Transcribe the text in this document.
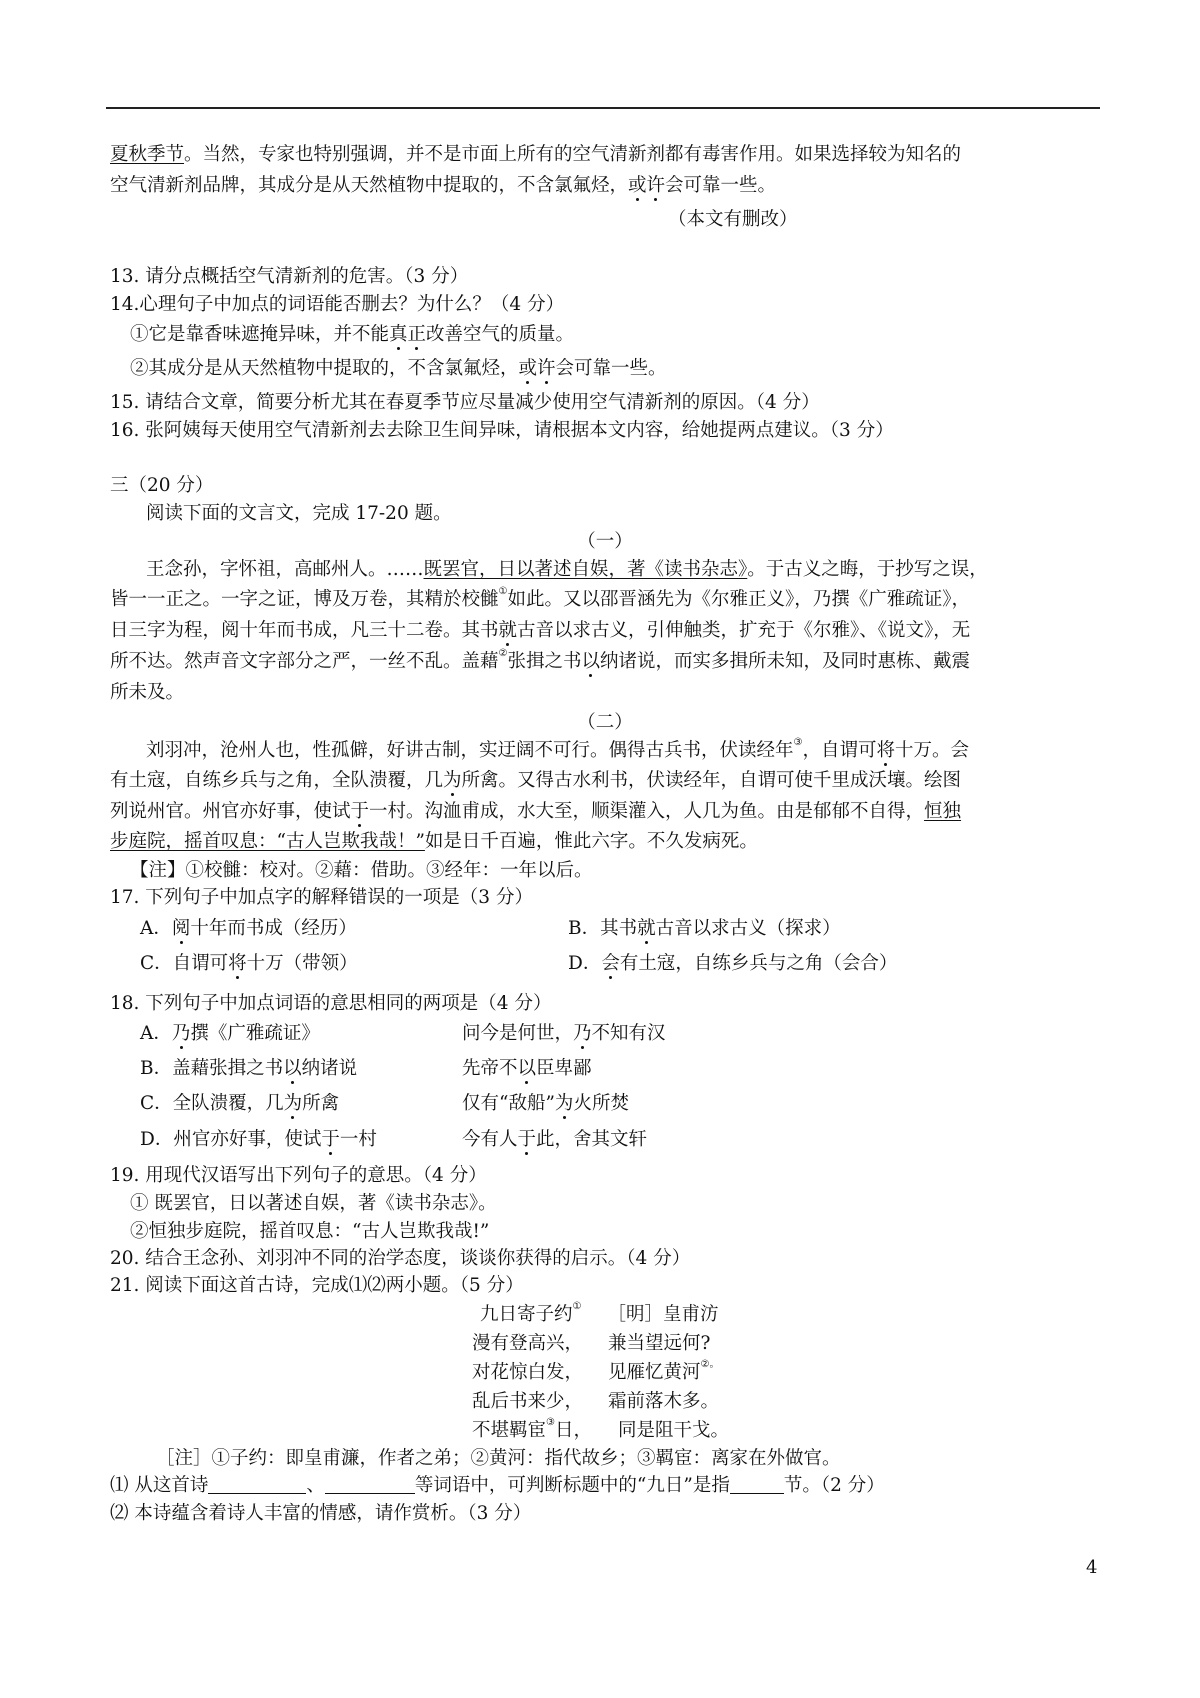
夏秋季节。当然，专家也特别强调，并不是市面上所有的空气清新剂都有毒害作用。如果选择较为知名的
空气清新剂品牌，其成分是从天然植物中提取的，不含氯氟烃，或许会可靠一些。
（本文有删改）
13. 请分点概括空气清新剂的危害。（3 分）
14.心理句子中加点的词语能否删去？为什么？（4 分）
①它是靠香味遮掩异味，并不能真正改善空气的质量。
②其成分是从天然植物中提取的，不含氯氟烃，或许会可靠一些。
15. 请结合文章，简要分析尤其在春夏季节应尽量减少使用空气清新剂的原因。（4 分）
16. 张阿姨每天使用空气清新剂去去除卫生间异味，请根据本文内容，给她提两点建议。（3 分）
三（20 分）
阅读下面的文言文，完成 17-20 题。
（一）
王念孙，字怀祖，高邮州人。……既罢官，日以著述自娱，著《读书杂志》。于古义之晦，于抄写之误，
皆一一正之。一字之证，博及万卷，其精於校雠①如此。又以邵晋涵先为《尔雅正义》，乃撰《广雅疏证》，
日三字为程，阅十年而书成，凡三十二卷。其书就古音以求古义，引伸触类，扩充于《尔雅》、《说文》，无
所不达。然声音文字部分之严，一丝不乱。盖藉②张揖之书以纳诸说，而实多揖所未知，及同时惠栋、戴震
所未及。
（二）
刘羽冲，沧州人也，性孤僻，好讲古制，实迂阔不可行。偶得古兵书，伏读经年③，自谓可将十万。会
有土寇，自练乡兵与之角，全队溃覆，几为所禽。又得古水利书，伏读经年，自谓可使千里成沃壤。绘图
列说州官。州官亦好事，使试于一村。沟洫甫成，水大至，顺渠灌入，人几为鱼。由是郁郁不自得，恒独
步庭院，摇首叹息：“古人岂欺我哉！”如是日千百遍，惟此六字。不久发病死。
【注】①校雠：校对。②藉：借助。③经年：一年以后。
17. 下列句子中加点字的解释错误的一项是（3 分）
A．阅十年而书成（经历）	B．其书就古音以求古义（探求）
C．自谓可将十万（带领）	D．会有土寇，自练乡兵与之角（会合）
18. 下列句子中加点词语的意思相同的两项是（4 分）
A．乃撰《广雅疏证》	问今是何世，乃不知有汉
B．盖藉张揖之书以纳诸说	先帝不以臣卑鄙
C．全队溃覆，几为所禽	仅有“敌船”为火所焚
D．州官亦好事，使试于一村	今有人于此，舍其文轩
19. 用现代汉语写出下列句子的意思。（4 分）
① 既罢官，日以著述自娱，著《读书杂志》。
②恒独步庭院，摇首叹息：“古人岂欺我哉!”
20. 结合王念孙、刘羽冲不同的治学态度，谈谈你获得的启示。（4 分）
21. 阅读下面这首古诗，完成⑴⑵两小题。（5 分）
九日寄子约① ［明］皇甫汸
漫有登高兴， 兼当望远何?
对花惊白发， 见雁忆黄河②。
乱后书来少， 霜前落木多。
不堪羁宦③日， 同是阻干戈。
［注］①子约：即皇甫濂，作者之弟；②黄河：指代故乡；③羁宦：离家在外做官。
⑴ 从这首诗	、	等词语中，可判断标题中的“九日”是指	节。（2 分）
⑵ 本诗蕴含着诗人丰富的情感，请作赏析。（3 分）
4
